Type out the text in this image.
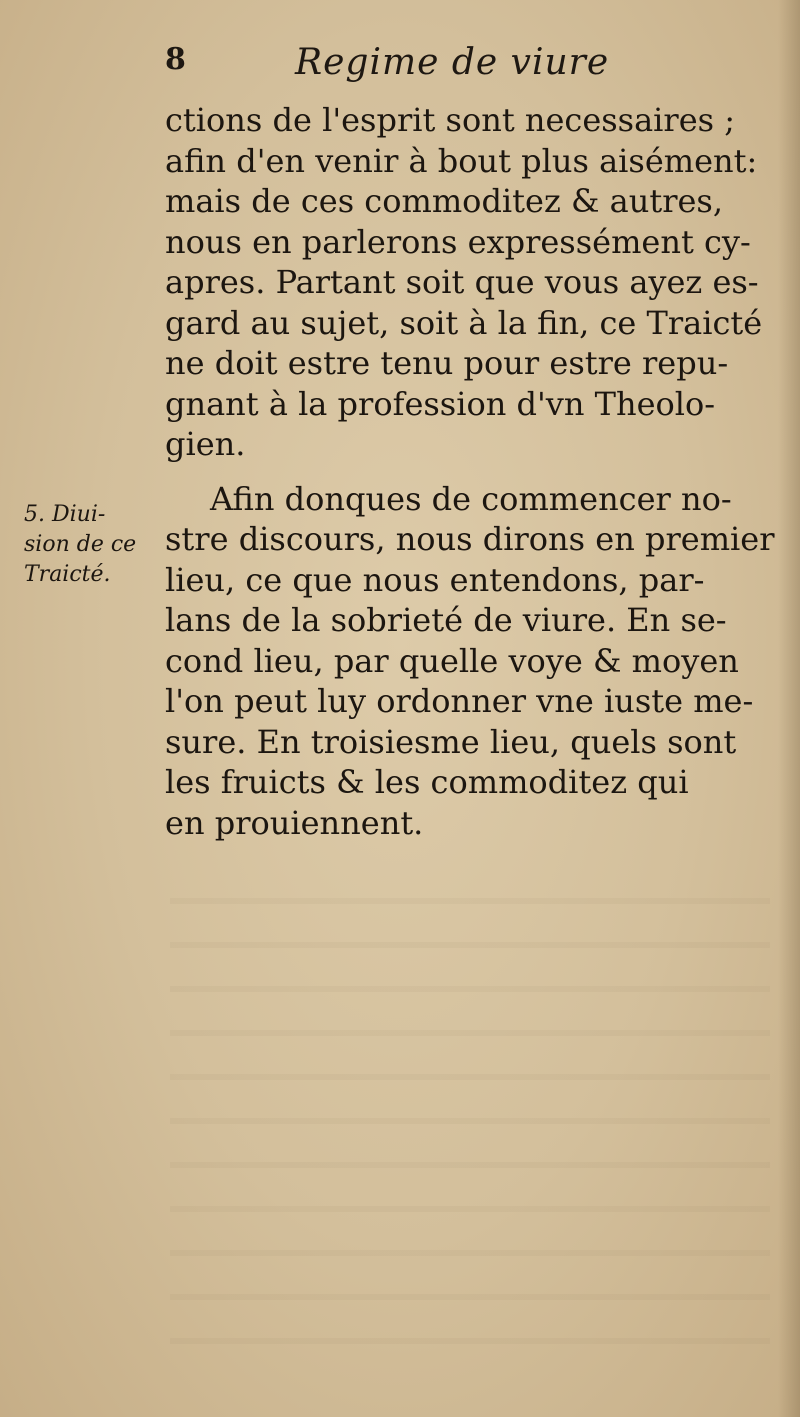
8	Regime de viure
ctions de l'esprit sont necessaires ;
afin d'en venir à bout plus aisément:
mais de ces commoditez & autres,
nous en parlerons expressément cy-
apres. Partant soit que vous ayez es-
gard au sujet, soit à la fin, ce Traicté
ne doit estre tenu pour estre repu-
gnant à la profession d'vn Theolo-
gien.
Afin donques de commencer no-
stre discours, nous dirons en premier
lieu, ce que nous entendons, par-
lans de la sobrieté de viure. En se-
cond lieu, par quelle voye & moyen
l'on peut luy ordonner vne iuste me-
sure. En troisiesme lieu, quels sont
les fruicts & les commoditez qui
en prouiennent.
5. Diui-
sion de ce
Traicté.
